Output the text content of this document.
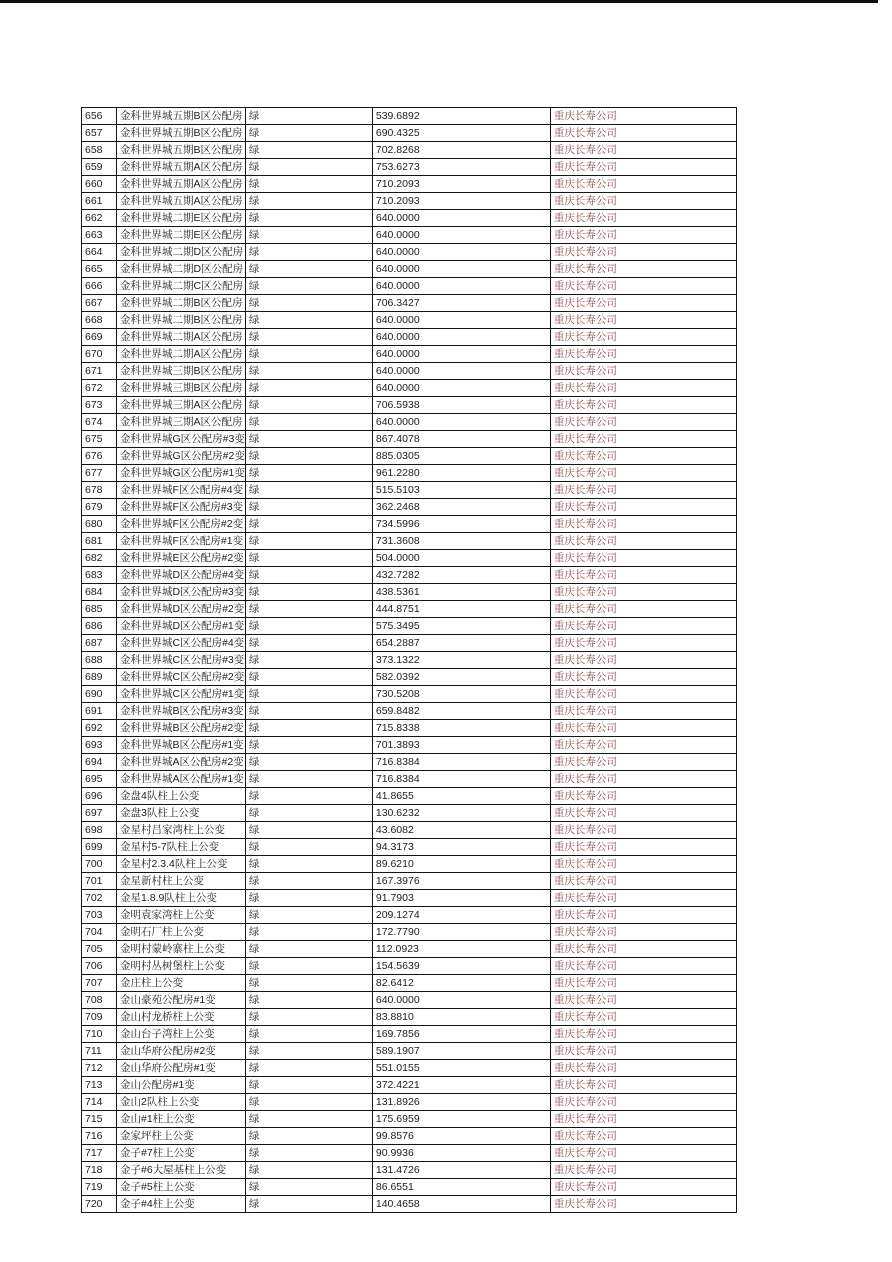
656	金科世界城五期B区公配房	绿	539.6892	重庆长寿公司
657	金科世界城五期B区公配房	绿	690.4325	重庆长寿公司
658	金科世界城五期B区公配房	绿	702.8268	重庆长寿公司
659	金科世界城五期A区公配房	绿	753.6273	重庆长寿公司
660	金科世界城五期A区公配房	绿	710.2093	重庆长寿公司
661	金科世界城五期A区公配房	绿	710.2093	重庆长寿公司
662	金科世界城二期E区公配房	绿	640.0000	重庆长寿公司
663	金科世界城二期E区公配房	绿	640.0000	重庆长寿公司
664	金科世界城二期D区公配房	绿	640.0000	重庆长寿公司
665	金科世界城二期D区公配房	绿	640.0000	重庆长寿公司
666	金科世界城二期C区公配房	绿	640.0000	重庆长寿公司
667	金科世界城二期B区公配房	绿	706.3427	重庆长寿公司
668	金科世界城二期B区公配房	绿	640.0000	重庆长寿公司
669	金科世界城二期A区公配房	绿	640.0000	重庆长寿公司
670	金科世界城二期A区公配房	绿	640.0000	重庆长寿公司
671	金科世界城三期B区公配房	绿	640.0000	重庆长寿公司
672	金科世界城三期B区公配房	绿	640.0000	重庆长寿公司
673	金科世界城三期A区公配房	绿	706.5938	重庆长寿公司
674	金科世界城三期A区公配房	绿	640.0000	重庆长寿公司
675	金科世界城G区公配房#3变	绿	867.4078	重庆长寿公司
676	金科世界城G区公配房#2变	绿	885.0305	重庆长寿公司
677	金科世界城G区公配房#1变	绿	961.2280	重庆长寿公司
678	金科世界城F区公配房#4变	绿	515.5103	重庆长寿公司
679	金科世界城F区公配房#3变	绿	362.2468	重庆长寿公司
680	金科世界城F区公配房#2变	绿	734.5996	重庆长寿公司
681	金科世界城F区公配房#1变	绿	731.3608	重庆长寿公司
682	金科世界城E区公配房#2变	绿	504.0000	重庆长寿公司
683	金科世界城D区公配房#4变	绿	432.7282	重庆长寿公司
684	金科世界城D区公配房#3变	绿	438.5361	重庆长寿公司
685	金科世界城D区公配房#2变	绿	444.8751	重庆长寿公司
686	金科世界城D区公配房#1变	绿	575.3495	重庆长寿公司
687	金科世界城C区公配房#4变	绿	654.2887	重庆长寿公司
688	金科世界城C区公配房#3变	绿	373.1322	重庆长寿公司
689	金科世界城C区公配房#2变	绿	582.0392	重庆长寿公司
690	金科世界城C区公配房#1变	绿	730.5208	重庆长寿公司
691	金科世界城B区公配房#3变	绿	659.8482	重庆长寿公司
692	金科世界城B区公配房#2变	绿	715.8338	重庆长寿公司
693	金科世界城B区公配房#1变	绿	701.3893	重庆长寿公司
694	金科世界城A区公配房#2变	绿	716.8384	重庆长寿公司
695	金科世界城A区公配房#1变	绿	716.8384	重庆长寿公司
696	金盘4队柱上公变	绿	41.8655	重庆长寿公司
697	金盘3队柱上公变	绿	130.6232	重庆长寿公司
698	金星村吕家湾柱上公变	绿	43.6082	重庆长寿公司
699	金星村5-7队柱上公变	绿	94.3173	重庆长寿公司
700	金星村2.3.4队柱上公变	绿	89.6210	重庆长寿公司
701	金星新村柱上公变	绿	167.3976	重庆长寿公司
702	金星1.8.9队柱上公变	绿	91.7903	重庆长寿公司
703	金明袁家湾柱上公变	绿	209.1274	重庆长寿公司
704	金明石厂柱上公变	绿	172.7790	重庆长寿公司
705	金明村蒙岭寨柱上公变	绿	112.0923	重庆长寿公司
706	金明村丛树堡柱上公变	绿	154.5639	重庆长寿公司
707	金庄柱上公变	绿	82.6412	重庆长寿公司
708	金山豪苑公配房#1变	绿	640.0000	重庆长寿公司
709	金山村龙桥柱上公变	绿	83.8810	重庆长寿公司
710	金山台子湾柱上公变	绿	169.7856	重庆长寿公司
711	金山华府公配房#2变	绿	589.1907	重庆长寿公司
712	金山华府公配房#1变	绿	551.0155	重庆长寿公司
713	金山公配房#1变	绿	372.4221	重庆长寿公司
714	金山2队柱上公变	绿	131.8926	重庆长寿公司
715	金山#1柱上公变	绿	175.6959	重庆长寿公司
716	金家坪柱上公变	绿	99.8576	重庆长寿公司
717	金子#7柱上公变	绿	90.9936	重庆长寿公司
718	金子#6大屋基柱上公变	绿	131.4726	重庆长寿公司
719	金子#5柱上公变	绿	86.6551	重庆长寿公司
720	金子#4柱上公变	绿	140.4658	重庆长寿公司
